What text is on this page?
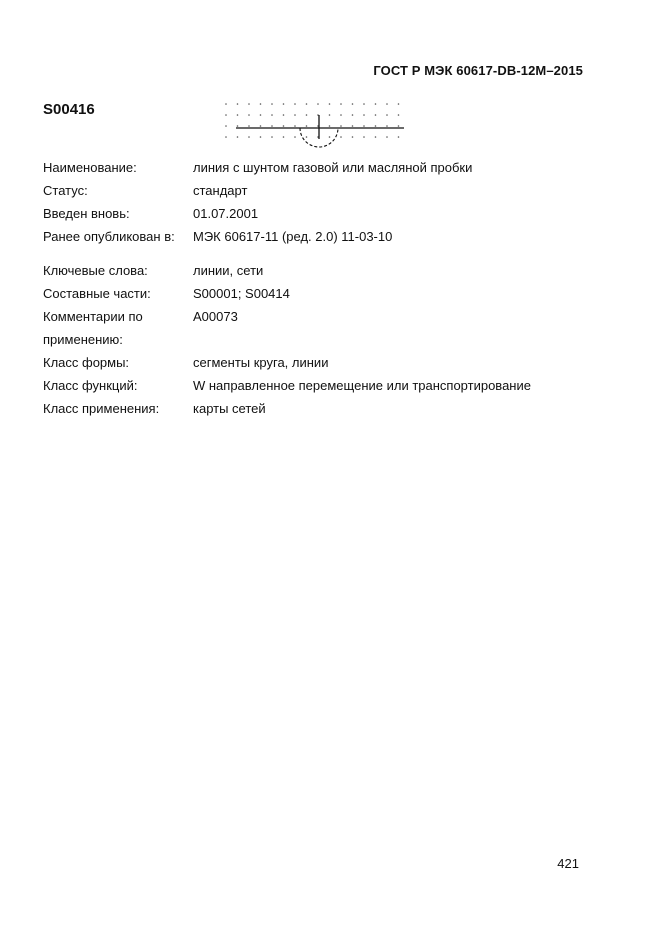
ГОСТ Р МЭК 60617-DB-12M–2015
S00416
Наименование:	линия с шунтом газовой или масляной пробки
Статус:	стандарт
Введен вновь:	01.07.2001
Ранее опубликован в:	МЭК 60617-11 (ред. 2.0) 11-03-10
Ключевые слова:	линии, сети
Составные части:	S00001; S00414
Комментарии по	A00073
применению:
Класс формы:	сегменты круга, линии
Класс функций:	W направленное перемещение или транспортирование
Класс применения:	карты сетей
421
